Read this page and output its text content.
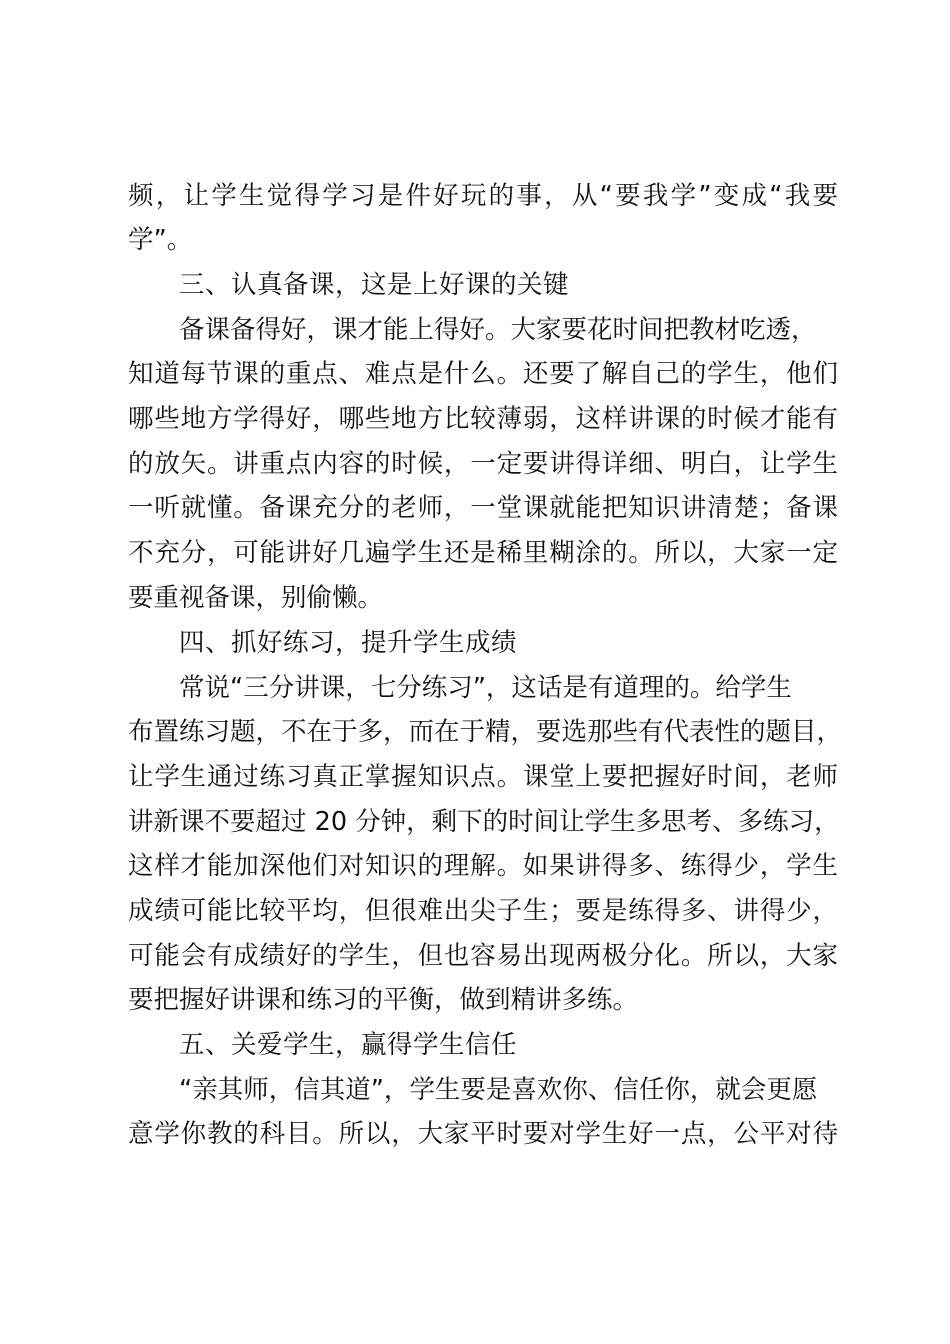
频，让学生觉得学习是件好玩的事，从“要我学”变成“我要
学”。
三、认真备课，这是上好课的关键
备课备得好，课才能上得好。大家要花时间把教材吃透，
知道每节课的重点、难点是什么。还要了解自己的学生，他们
哪些地方学得好，哪些地方比较薄弱，这样讲课的时候才能有
的放矢。讲重点内容的时候，一定要讲得详细、明白，让学生
一听就懂。备课充分的老师，一堂课就能把知识讲清楚；备课
不充分，可能讲好几遍学生还是稀里糊涂的。所以，大家一定
要重视备课，别偷懒。
四、抓好练习，提升学生成绩
常说“三分讲课，七分练习”，这话是有道理的。给学生
布置练习题，不在于多，而在于精，要选那些有代表性的题目，
让学生通过练习真正掌握知识点。课堂上要把握好时间，老师
讲新课不要超过 20 分钟，剩下的时间让学生多思考、多练习，
这样才能加深他们对知识的理解。如果讲得多、练得少，学生
成绩可能比较平均，但很难出尖子生；要是练得多、讲得少，
可能会有成绩好的学生，但也容易出现两极分化。所以，大家
要把握好讲课和练习的平衡，做到精讲多练。
五、关爱学生，赢得学生信任
“亲其师，信其道”，学生要是喜欢你、信任你，就会更愿
意学你教的科目。所以，大家平时要对学生好一点，公平对待
